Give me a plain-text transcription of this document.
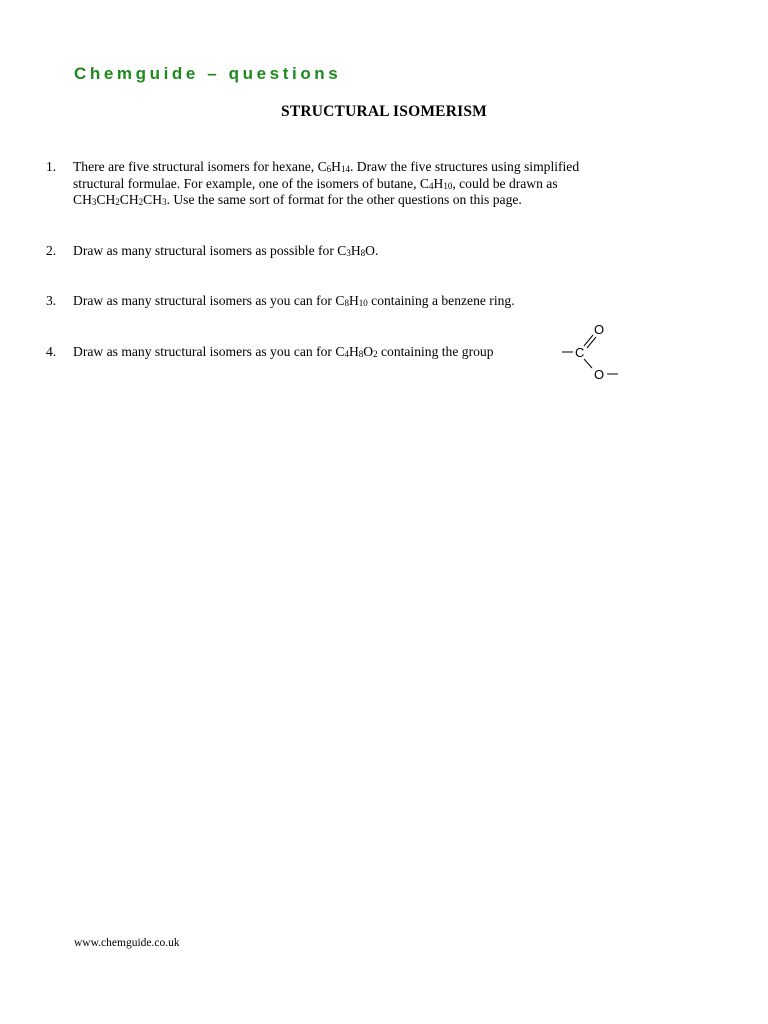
Chemguide – questions
STRUCTURAL ISOMERISM
1. There are five structural isomers for hexane, $C_6H_{14}$. Draw the five structures using simplified
structural formulae. For example, one of the isomers of butane, $C_4H_{10}$, could be drawn as
$CH_3CH_2CH_2CH_3$. Use the same sort of format for the other questions on this page.
2. Draw as many structural isomers as possible for $C_3H_8O$.
3. Draw as many structural isomers as you can for $C_8H_{10}$ containing a benzene ring.
4. Draw as many structural isomers as you can for $C_4H_8O_2$ containing the group	C
O
O
www.chemguide.co.uk
